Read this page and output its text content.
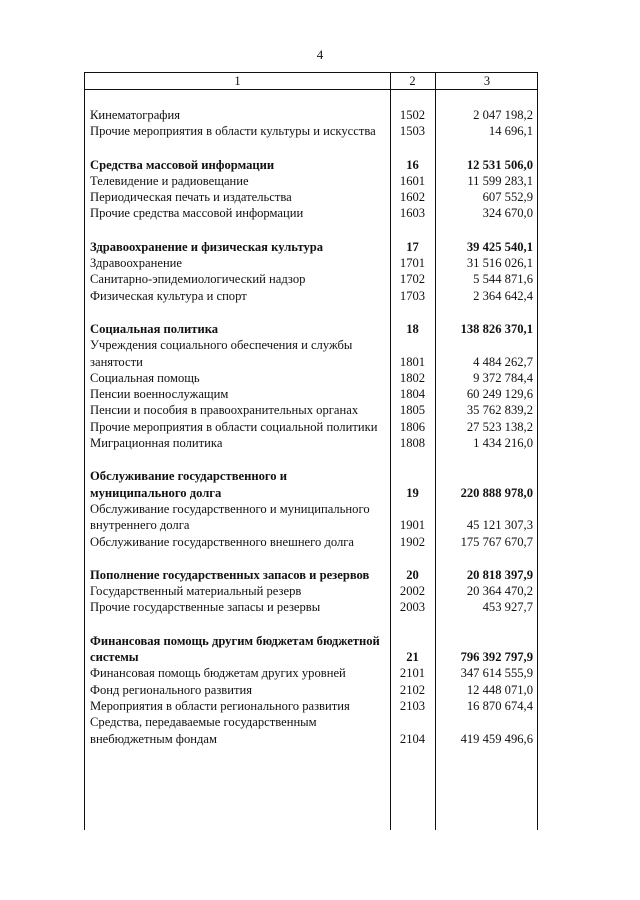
4
1	2	3
Кинематография	1502	2 047 198,2
Прочие мероприятия в области культуры и искусства	1503	14 696,1
Средства массовой информации	16	12 531 506,0
Телевидение и радиовещание	1601	11 599 283,1
Периодическая печать и издательства	1602	607 552,9
Прочие средства массовой информации	1603	324 670,0
Здравоохранение и физическая культура	17	39 425 540,1
Здравоохранение	1701	31 516 026,1
Санитарно-эпидемиологический надзор	1702	5 544 871,6
Физическая культура и спорт	1703	2 364 642,4
Социальная политика	18	138 826 370,1
Учреждения социального обеспечения и службы занятости	1801	4 484 262,7
Социальная помощь	1802	9 372 784,4
Пенсии военнослужащим	1804	60 249 129,6
Пенсии и пособия в правоохранительных органах	1805	35 762 839,2
Прочие мероприятия в области социальной политики	1806	27 523 138,2
Миграционная политика	1808	1 434 216,0
Обслуживание государственного и муниципального долга	19	220 888 978,0
Обслуживание государственного и муниципального внутреннего долга	1901	45 121 307,3
Обслуживание государственного внешнего долга	1902	175 767 670,7
Пополнение государственных запасов и резервов	20	20 818 397,9
Государственный материальный резерв	2002	20 364 470,2
Прочие государственные запасы и резервы	2003	453 927,7
Финансовая помощь другим бюджетам бюджетной системы	21	796 392 797,9
Финансовая помощь бюджетам других уровней	2101	347 614 555,9
Фонд регионального развития	2102	12 448 071,0
Мероприятия в области регионального развития	2103	16 870 674,4
Средства, передаваемые государственным внебюджетным фондам	2104	419 459 496,6
